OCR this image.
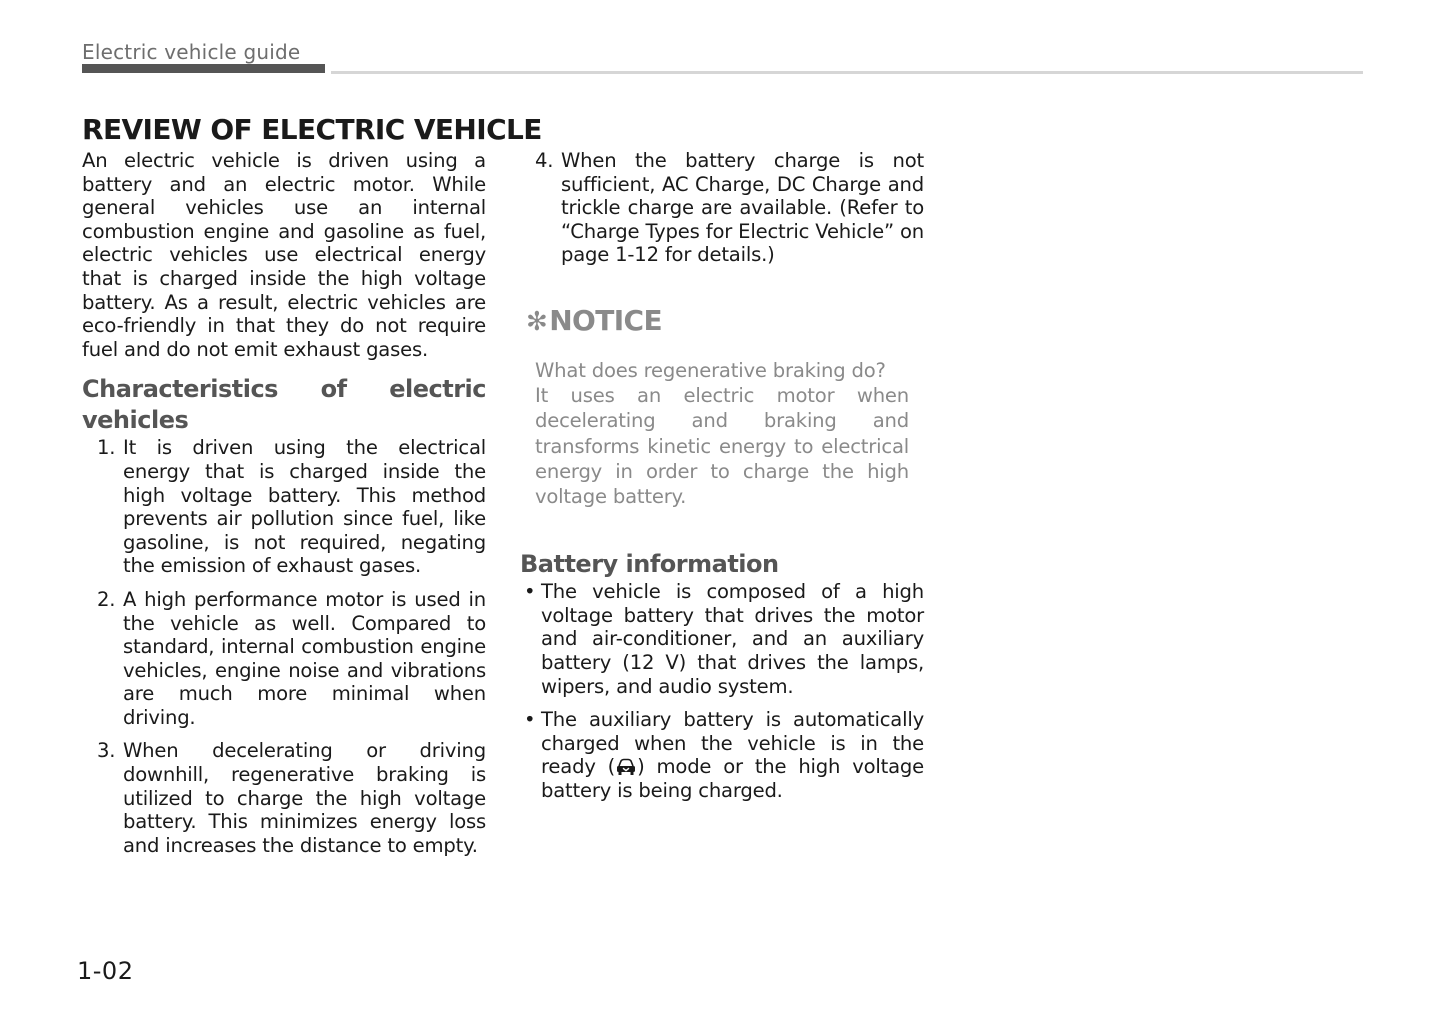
Electric vehicle guide
REVIEW OF ELECTRIC VEHICLE

An electric vehicle is driven using a battery and an electric motor. While general vehicles use an internal combustion engine and gasoline as fuel, electric vehicles use electrical energy that is charged inside the high voltage battery. As a result, electric vehicles are eco-friendly in that they do not require fuel and do not emit exhaust gases.

Characteristics of electric vehicles
1. It is driven using the electrical energy that is charged inside the high voltage battery. This method prevents air pollution since fuel, like gasoline, is not required, negating the emission of exhaust gases.
2. A high performance motor is used in the vehicle as well. Compared to standard, internal combustion engine vehicles, engine noise and vibrations are much more minimal when driving.
3. When decelerating or driving downhill, regenerative braking is utilized to charge the high voltage battery. This minimizes energy loss and increases the distance to empty.
4. When the battery charge is not sufficient, AC Charge, DC Charge and trickle charge are available. (Refer to “Charge Types for Electric Vehicle” on page 1-12 for details.)
✻NOTICE

What does regenerative braking do?

It uses an electric motor when decelerating and braking and transforms kinetic energy to electrical energy in order to charge the high voltage battery.

Battery information
• The vehicle is composed of a high voltage battery that drives the motor and air-conditioner, and an auxiliary battery (12 V) that drives the lamps, wipers, and audio system.
• The auxiliary battery is automatically charged when the vehicle is in the ready ( ) mode or the high voltage battery is being charged.
1-02
